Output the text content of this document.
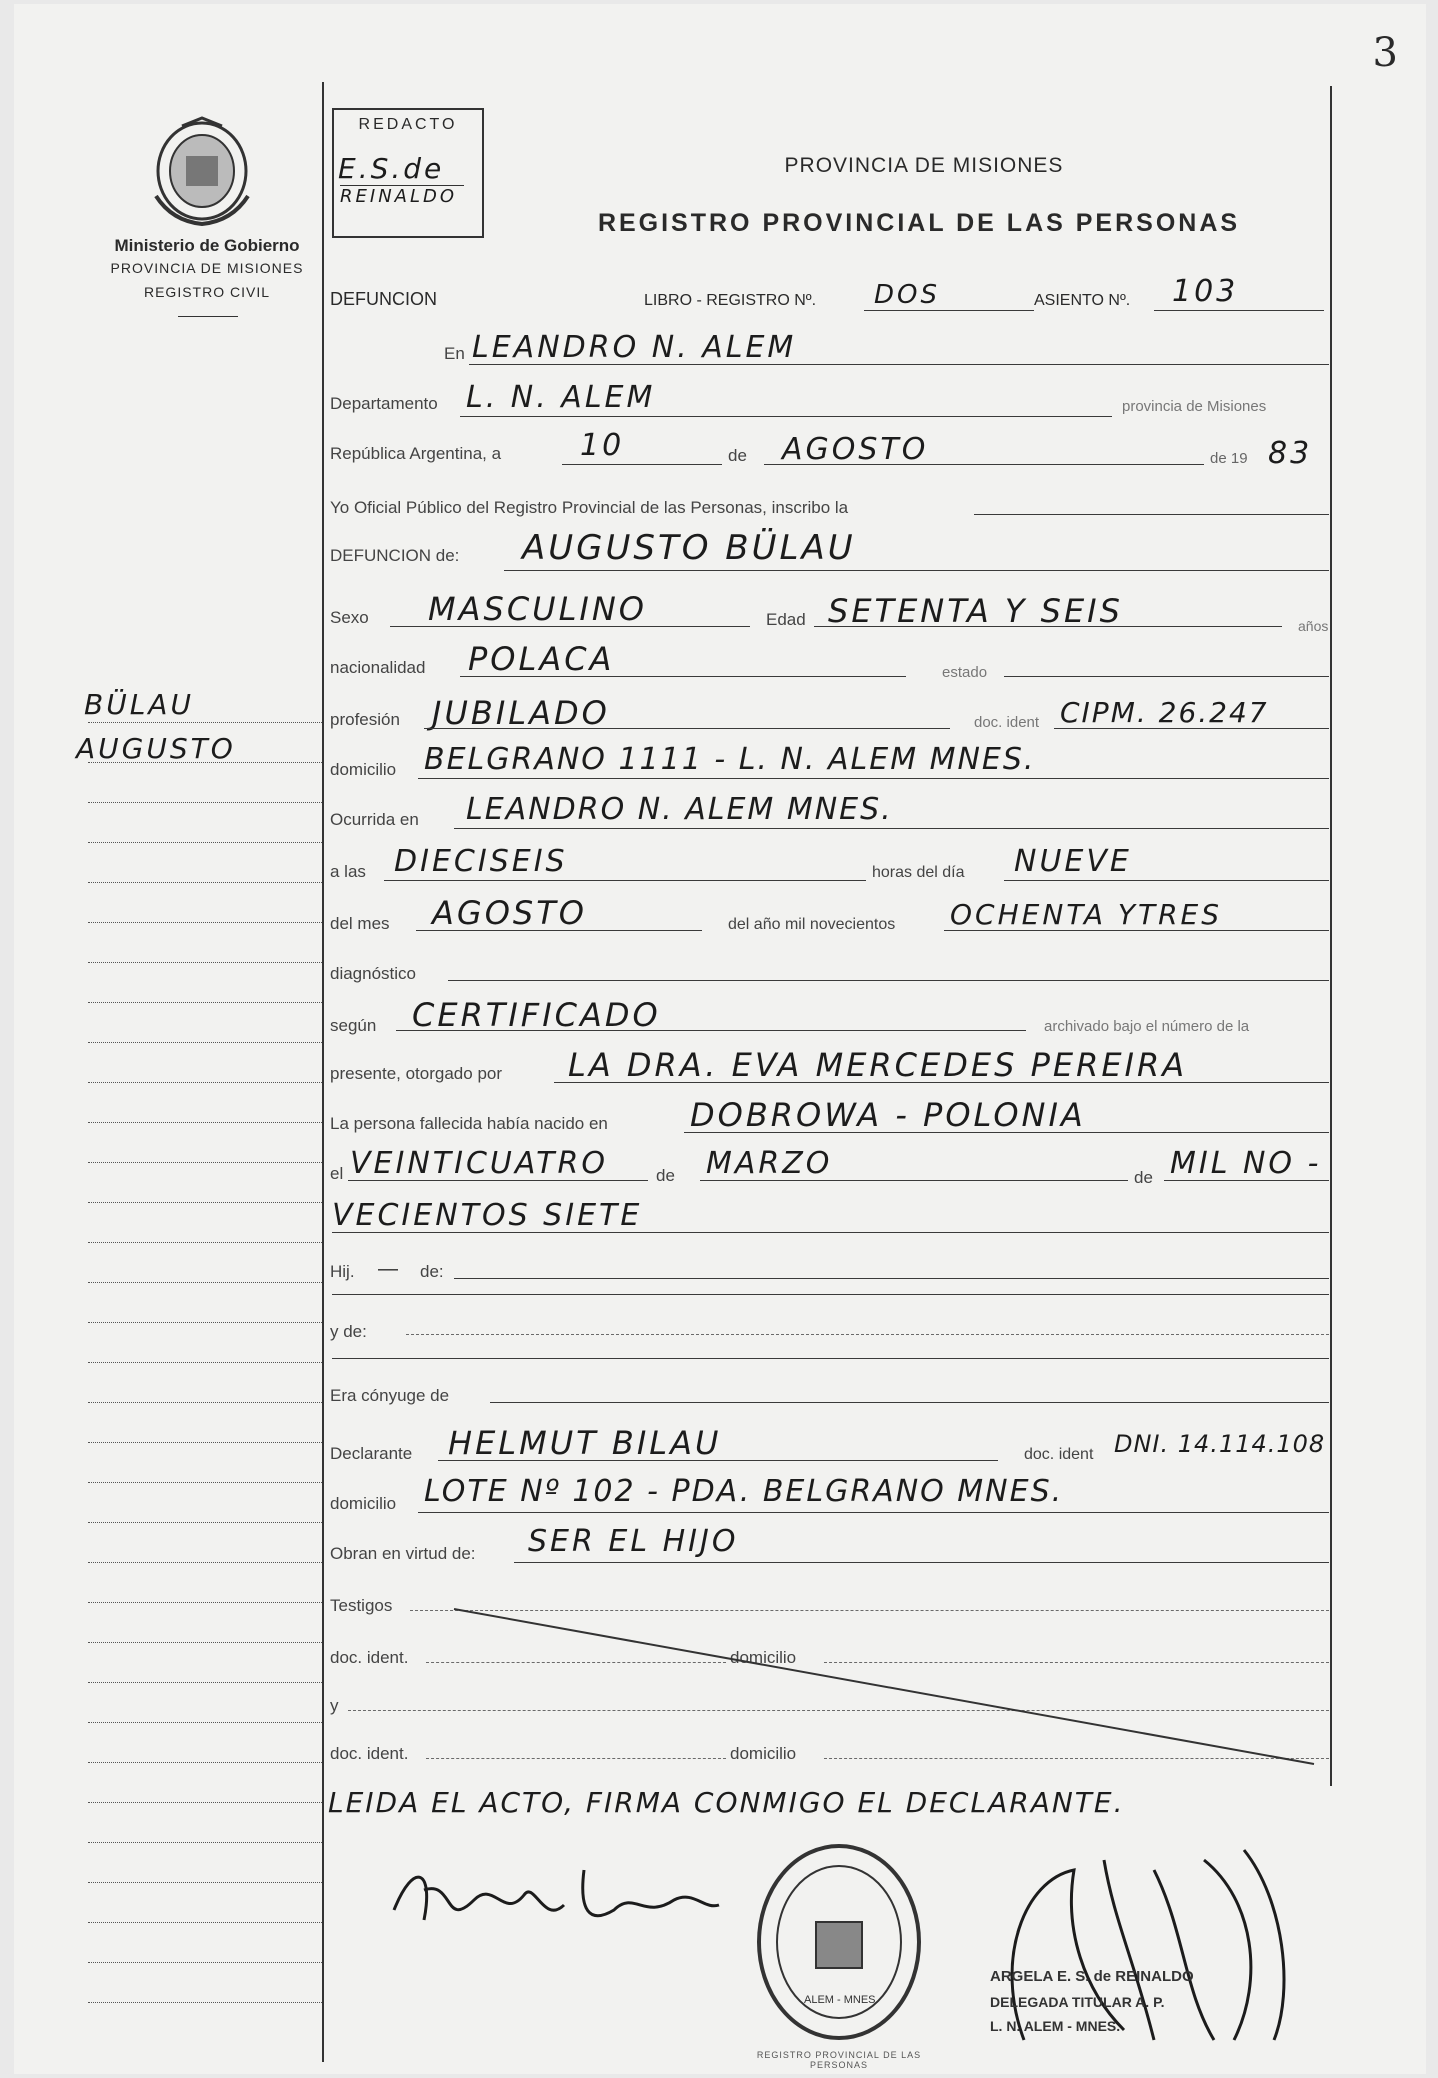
3
Ministerio de Gobierno
PROVINCIA DE MISIONES
REGISTRO CIVIL
BÜLAU
AUGUSTO
REDACTO
E.S.de
REINALDO
PROVINCIA DE MISIONES
REGISTRO PROVINCIAL DE LAS PERSONAS
DEFUNCION	LIBRO - REGISTRO Nº. DOS	ASIENTO Nº. 103
En LEANDRO N. ALEM
Departamento L. N. ALEM	provincia de Misiones
República Argentina, a	10	de AGOSTO	de 19 83
Yo Oficial Público del Registro Provincial de las Personas, inscribo la
DEFUNCION de: AUGUSTO BÜLAU
Sexo MASCULINO	Edad SETENTA Y SEIS	años
nacionalidad POLACA	estado
profesión JUBILADO	doc. ident CIPM. 26.247
domicilio BELGRANO 1111 - L. N. ALEM MNES.
Ocurrida en LEANDRO N. ALEM MNES.
a las DIECISEIS	horas del día NUEVE
del mes AGOSTO	del año mil novecientos OCHENTA YTRES
diagnóstico
según CERTIFICADO	archivado bajo el número de la
presente, otorgado por LA DRA. EVA MERCEDES PEREIRA
La persona fallecida había nacido en	DOBROWA - POLONIA
el VEINTICUATRO	de MARZO	de MIL NO -
VECIENTOS SIETE
Hij. — de:
y de:
Era cónyuge de
Declarante HELMUT BILAU	doc. ident DNI. 14.114.108
domicilio LOTE Nº 102 - PDA. BELGRANO MNES.
Obran en virtud de: SER EL HIJO
Testigos
doc. ident.	domicilio
y
doc. ident.	domicilio
LEIDA EL ACTO, FIRMA CONMIGO EL DECLARANTE.
REGISTRO PROVINCIAL DE LAS PERSONAS
ALEM - MNES.
ARGELA E. S. de REINALDO
DELEGADA TITULAR A. P.
L. N. ALEM - MNES.
